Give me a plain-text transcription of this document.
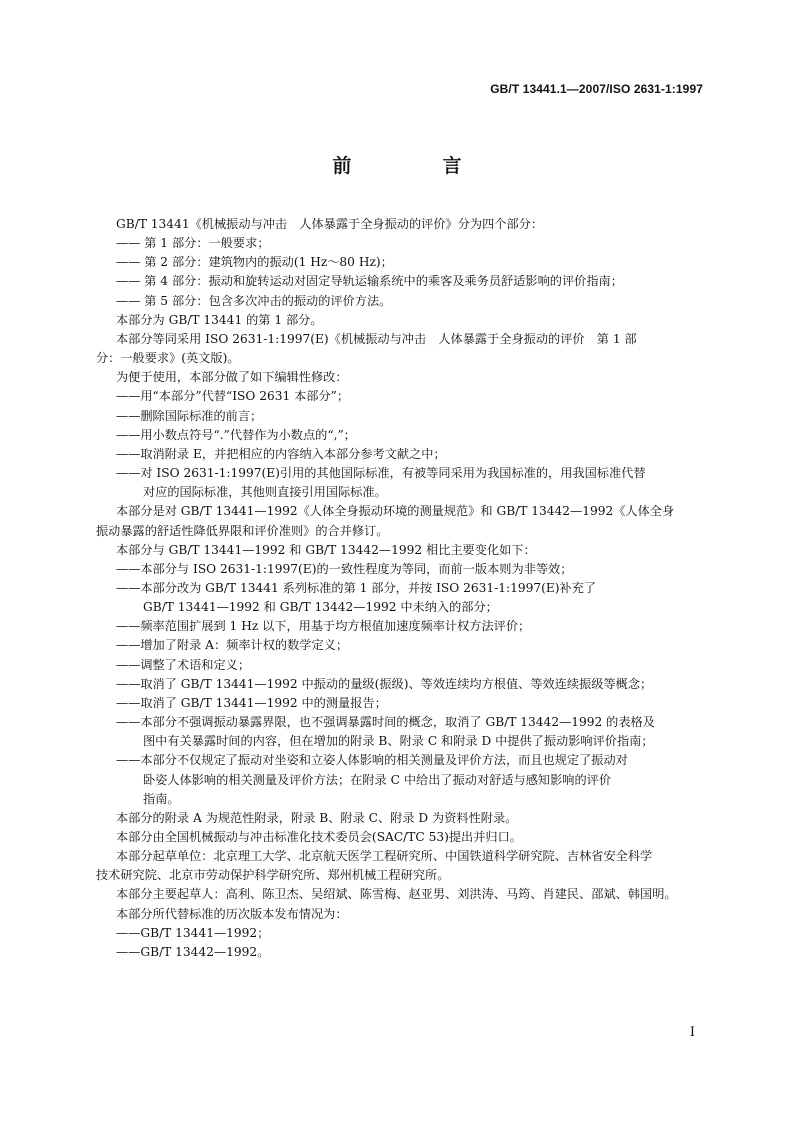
GB/T 13441.1—2007/ISO 2631-1:1997
前　言

GB/T 13441《机械振动与冲击　人体暴露于全身振动的评价》分为四个部分：

—— 第 1 部分：一般要求；

—— 第 2 部分：建筑物内的振动(1 Hz～80 Hz)；

—— 第 4 部分：振动和旋转运动对固定导轨运输系统中的乘客及乘务员舒适影响的评价指南；

—— 第 5 部分：包含多次冲击的振动的评价方法。

本部分为 GB/T 13441 的第 1 部分。

本部分等同采用 ISO 2631-1:1997(E)《机械振动与冲击　人体暴露于全身振动的评价　第 1 部

分：一般要求》(英文版)。

为便于使用，本部分做了如下编辑性修改：

——用“本部分”代替“ISO 2631 本部分”；

——删除国际标准的前言；

——用小数点符号“.”代替作为小数点的“,”；

——取消附录 E，并把相应的内容纳入本部分参考文献之中；

——对 ISO 2631-1:1997(E)引用的其他国际标准，有被等同采用为我国标准的，用我国标准代替

对应的国际标准，其他则直接引用国际标准。

本部分是对 GB/T 13441—1992《人体全身振动环境的测量规范》和 GB/T 13442—1992《人体全身

振动暴露的舒适性降低界限和评价准则》的合并修订。

本部分与 GB/T 13441—1992 和 GB/T 13442—1992 相比主要变化如下：

——本部分与 ISO 2631-1:1997(E)的一致性程度为等同，而前一版本则为非等效；

——本部分改为 GB/T 13441 系列标准的第 1 部分，并按 ISO 2631-1:1997(E)补充了

GB/T 13441—1992 和 GB/T 13442—1992 中未纳入的部分；

——频率范围扩展到 1 Hz 以下，用基于均方根值加速度频率计权方法评价；

——增加了附录 A：频率计权的数学定义；

——调整了术语和定义；

——取消了 GB/T 13441—1992 中振动的量级(振级)、等效连续均方根值、等效连续振级等概念；

——取消了 GB/T 13441—1992 中的测量报告；

——本部分不强调振动暴露界限，也不强调暴露时间的概念，取消了 GB/T 13442—1992 的表格及

图中有关暴露时间的内容，但在增加的附录 B、附录 C 和附录 D 中提供了振动影响评价指南；

——本部分不仅规定了振动对坐姿和立姿人体影响的相关测量及评价方法，而且也规定了振动对

卧姿人体影响的相关测量及评价方法；在附录 C 中给出了振动对舒适与感知影响的评价

指南。

本部分的附录 A 为规范性附录，附录 B、附录 C、附录 D 为资料性附录。

本部分由全国机械振动与冲击标准化技术委员会(SAC/TC 53)提出并归口。

本部分起草单位：北京理工大学、北京航天医学工程研究所、中国铁道科学研究院、吉林省安全科学

技术研究院、北京市劳动保护科学研究所、郑州机械工程研究所。

本部分主要起草人：高利、陈卫杰、吴绍斌、陈雪梅、赵亚男、刘洪涛、马筠、肖建民、邵斌、韩国明。

本部分所代替标准的历次版本发布情况为：

——GB/T 13441—1992；

——GB/T 13442—1992。

I
